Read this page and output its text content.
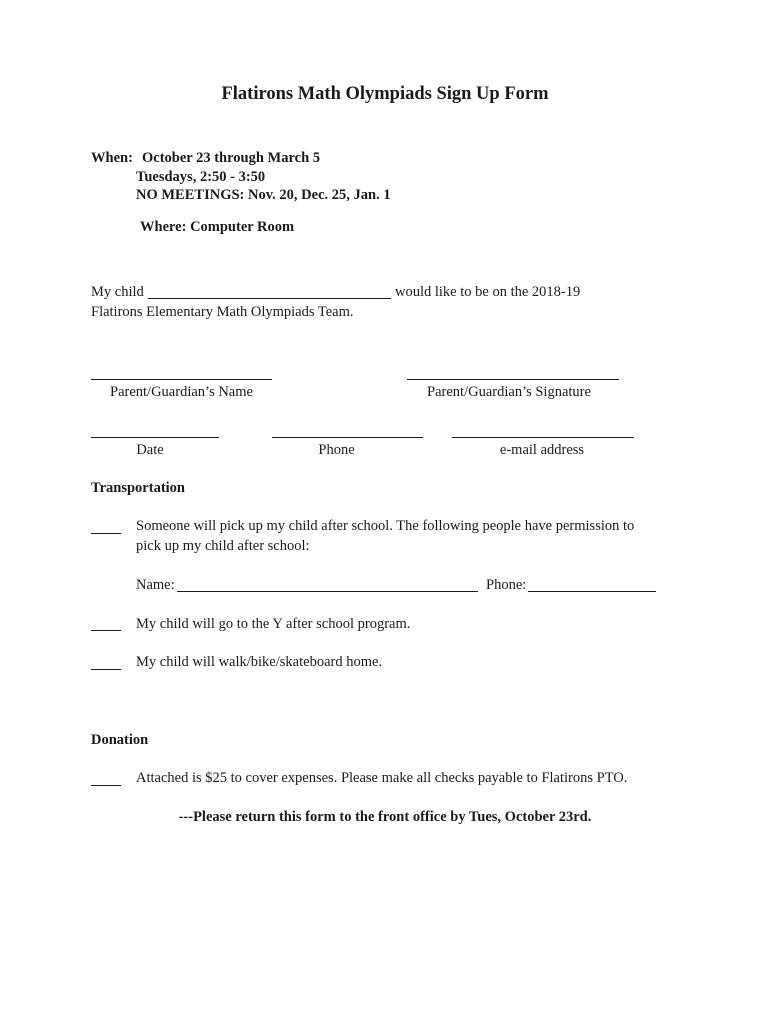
Flatirons Math Olympiads Sign Up Form
When: October 23 through March 5
Tuesdays, 2:50 - 3:50
NO MEETINGS: Nov. 20, Dec. 25, Jan. 1
Where: Computer Room
My child	would like to be on the 2018-19
Flatirons Elementary Math Olympiads Team.
Parent/Guardian’s Name	Parent/Guardian’s Signature
Date	Phone	e-mail address
Transportation
Someone will pick up my child after school. The following people have permission to
pick up my child after school:
Name:	Phone:
My child will go to the Y after school program.
My child will walk/bike/skateboard home.
Donation
Attached is $25 to cover expenses. Please make all checks payable to Flatirons PTO.
---Please return this form to the front office by Tues, October 23rd.
